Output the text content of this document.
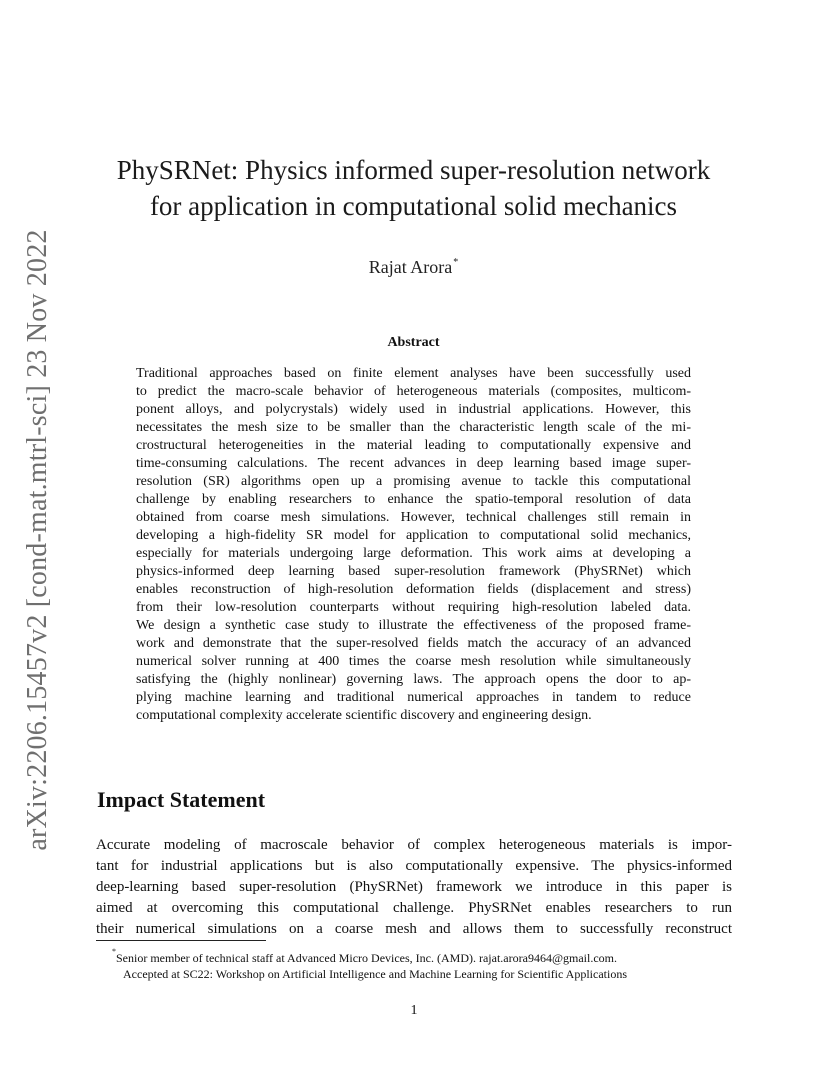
arXiv:2206.15457v2 [cond-mat.mtrl-sci] 23 Nov 2022
PhySRNet: Physics informed super-resolution network
for application in computational solid mechanics
Rajat Arora*
Abstract
Traditional approaches based on finite element analyses have been successfully used
to predict the macro-scale behavior of heterogeneous materials (composites, multicom-
ponent alloys, and polycrystals) widely used in industrial applications. However, this
necessitates the mesh size to be smaller than the characteristic length scale of the mi-
crostructural heterogeneities in the material leading to computationally expensive and
time-consuming calculations. The recent advances in deep learning based image super-
resolution (SR) algorithms open up a promising avenue to tackle this computational
challenge by enabling researchers to enhance the spatio-temporal resolution of data
obtained from coarse mesh simulations. However, technical challenges still remain in
developing a high-fidelity SR model for application to computational solid mechanics,
especially for materials undergoing large deformation. This work aims at developing a
physics-informed deep learning based super-resolution framework (PhySRNet) which
enables reconstruction of high-resolution deformation fields (displacement and stress)
from their low-resolution counterparts without requiring high-resolution labeled data.
We design a synthetic case study to illustrate the effectiveness of the proposed frame-
work and demonstrate that the super-resolved fields match the accuracy of an advanced
numerical solver running at 400 times the coarse mesh resolution while simultaneously
satisfying the (highly nonlinear) governing laws. The approach opens the door to ap-
plying machine learning and traditional numerical approaches in tandem to reduce
computational complexity accelerate scientific discovery and engineering design.
Impact Statement
Accurate modeling of macroscale behavior of complex heterogeneous materials is impor-
tant for industrial applications but is also computationally expensive. The physics-informed
deep-learning based super-resolution (PhySRNet) framework we introduce in this paper is
aimed at overcoming this computational challenge. PhySRNet enables researchers to run
their numerical simulations on a coarse mesh and allows them to successfully reconstruct
*Senior member of technical staff at Advanced Micro Devices, Inc. (AMD). rajat.arora9464@gmail.com.
Accepted at SC22: Workshop on Artificial Intelligence and Machine Learning for Scientific Applications
1
